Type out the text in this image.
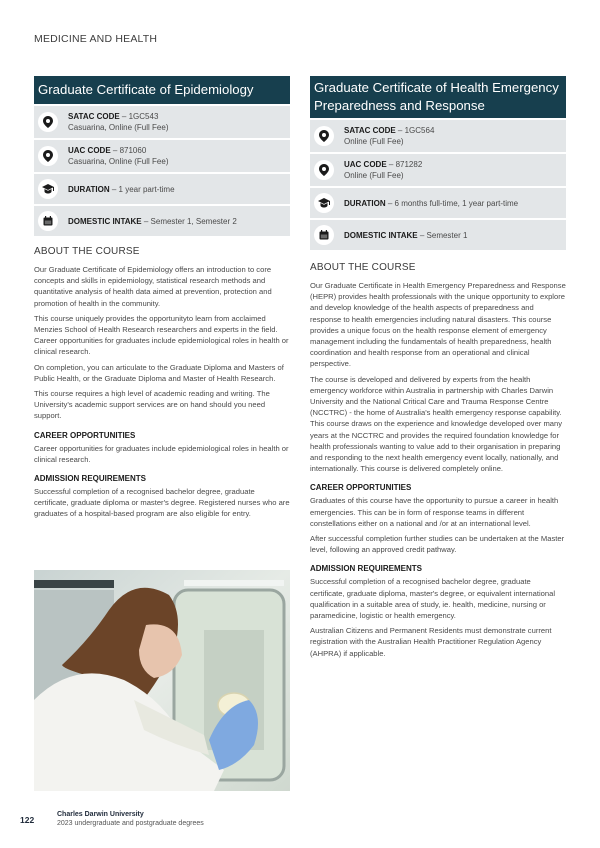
MEDICINE AND HEALTH
Graduate Certificate of Epidemiology
SATAC CODE – 1GC543
Casuarina, Online (Full Fee)
UAC CODE – 871060
Casuarina, Online (Full Fee)
DURATION – 1 year part-time
DOMESTIC INTAKE – Semester 1, Semester 2
ABOUT THE COURSE

Our Graduate Certificate of Epidemiology offers an introduction to core concepts and skills in epidemiology, statistical research methods and quantitative analysis of health data aimed at prevention, protection and promotion of health in the community.

This course uniquely provides the opportunityto learn from acclaimed Menzies School of Health Research researchers and experts in the field. Career opportunities for graduates include epidemiological roles in health or clinical research.

On completion, you can articulate to the Graduate Diploma and Masters of Public Health, or the Graduate Diploma and Master of Health Research.

This course requires a high level of academic reading and writing. The University's academic support services are on hand should you need support.

CAREER OPPORTUNITIES

Career opportunities for graduates include epidemiological roles in health or clinical research.

ADMISSION REQUIREMENTS

Successful completion of a recognised bachelor degree, graduate certificate, graduate diploma or master's degree. Registered nurses who are graduates of a hospital-based program are also eligible for entry.

Graduate Certificate of Health Emergency Preparedness and Response
SATAC CODE – 1GC564
Online (Full Fee)
UAC CODE – 871282
Online (Full Fee)
DURATION – 6 months full-time, 1 year part-time
DOMESTIC INTAKE – Semester 1
ABOUT THE COURSE

Our Graduate Certificate in Health Emergency Preparedness and Response (HEPR) provides health professionals with the unique opportunity to explore and develop knowledge of the health aspects of preparedness and response to health emergencies including natural disasters. This course provides a unique focus on the health response element of emergency management including the fundamentals of health preparedness, health coordination and health response from an operational and clinical perspective.

The course is developed and delivered by experts from the health emergency workforce within Australia in partnership with Charles Darwin University and the National Critical Care and Trauma Response Centre (NCCTRC) - the home of Australia's health emergency response capability. This course draws on the experience and knowledge developed over many years at the NCCTRC and provides the required foundation knowledge for health professionals wanting to value add to their organisation in preparing and responding to the next health emergency event locally, nationally, and internationally. This course is delivered completely online.

CAREER OPPORTUNITIES

Graduates of this course have the opportunity to pursue a career in health emergencies. This can be in form of response teams in different constellations either on a national and /or at an international level.

After successful completion further studies can be undertaken at the Master level, following an approved credit pathway.

ADMISSION REQUIREMENTS

Successful completion of a recognised bachelor degree, graduate certificate, graduate diploma, master's degree, or equivalent international qualification in a suitable area of study, ie. health, medicine, nursing or paramedicine, logistic or health emergency.

Australian Citizens and Permanent Residents must demonstrate current registration with the Australian Health Practitioner Regulation Agency (AHPRA) if applicable.

122
Charles Darwin University
2023 undergraduate and postgraduate degrees
